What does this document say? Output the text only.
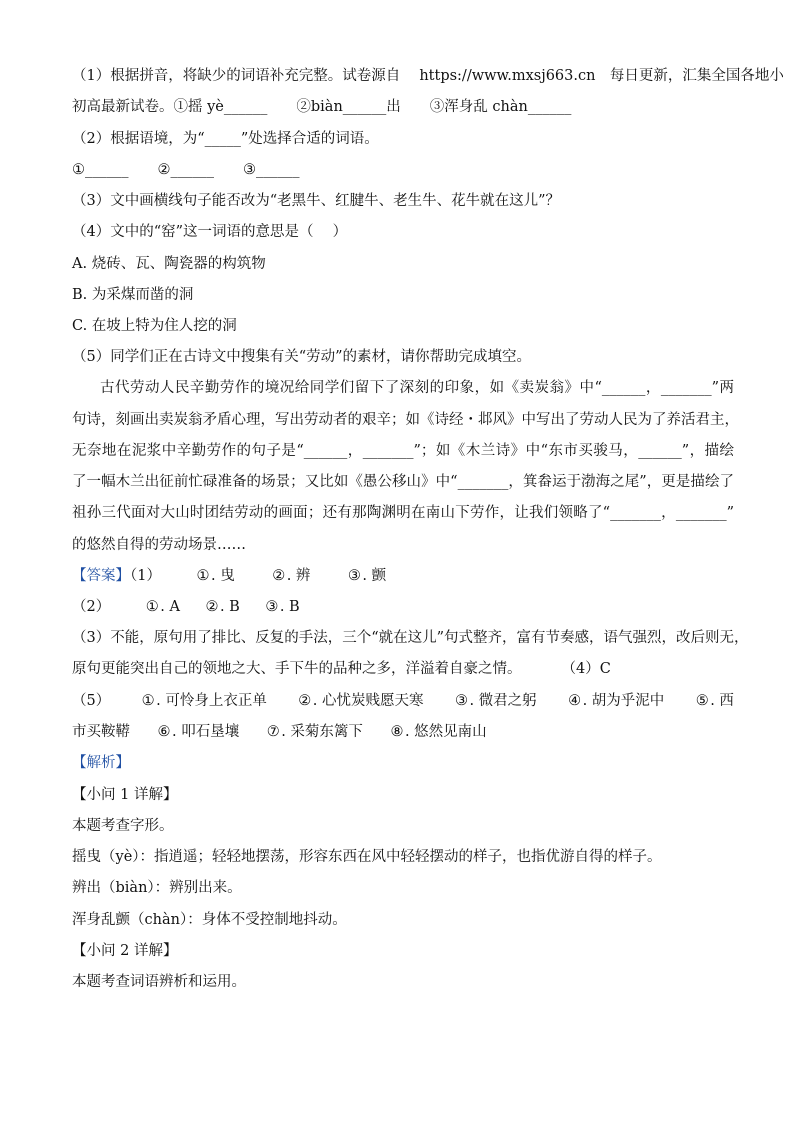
（1）根据拼音，将缺少的词语补充完整。试卷源自　 https://www.mxsj663.cn　每日更新，汇集全国各地小
初高最新试卷。①摇 yè______　　②biàn______出　　③浑身乱 chàn______
（2）根据语境，为“_____”处选择合适的词语。
①______　　②______　　③______
（3）文中画横线句子能否改为“老黑牛、红腱牛、老生牛、花牛就在这儿”？
（4）文中的“窑”这一词语的意思是（　 ）
A. 烧砖、瓦、陶瓷器的构筑物
B. 为采煤而凿的洞
C. 在坡上特为住人挖的洞
（5）同学们正在古诗文中搜集有关“劳动”的素材，请你帮助完成填空。
古代劳动人民辛勤劳作的境况给同学们留下了深刻的印象，如《卖炭翁》中“______，_______”两
句诗，刻画出卖炭翁矛盾心理，写出劳动者的艰辛；如《诗经・邶风》中写出了劳动人民为了养活君主，
无奈地在泥浆中辛勤劳作的句子是“______，_______”；如《木兰诗》中“东市买骏马，______”，描绘
了一幅木兰出征前忙碌准备的场景；又比如《愚公移山》中“_______，箕畚运于渤海之尾”，更是描绘了
祖孙三代面对大山时团结劳动的画面；还有那陶渊明在南山下劳作，让我们领略了“_______，_______”
的悠然自得的劳动场景……
【答案】（1） ① . 曳	② . 辨	③ . 颤
（2） ① . A ② . B ③ . B
（3）不能，原句用了排比、反复的手法，三个“就在这儿”句式整齐，富有节奏感，语气强烈，改后则无，
原句更能突出自己的领地之大、手下牛的品种之多，洋溢着自豪之情。	（4）C
（5） ① . 可怜身上衣正单 ② . 心忧炭贱愿天寒 ③ . 微君之躬 ④ . 胡为乎泥中 ⑤ . 西
市买鞍鞯 ⑥ . 叩石垦壤 ⑦ . 采菊东篱下 ⑧ . 悠然见南山
【解析】
【小问 1 详解】
本题考查字形。
摇曳（yè）：指逍遥；轻轻地摆荡，形容东西在风中轻轻摆动的样子，也指优游自得的样子。
辨出（biàn）：辨别出来。
浑身乱颤（chàn）：身体不受控制地抖动。
【小问 2 详解】
本题考查词语辨析和运用。
